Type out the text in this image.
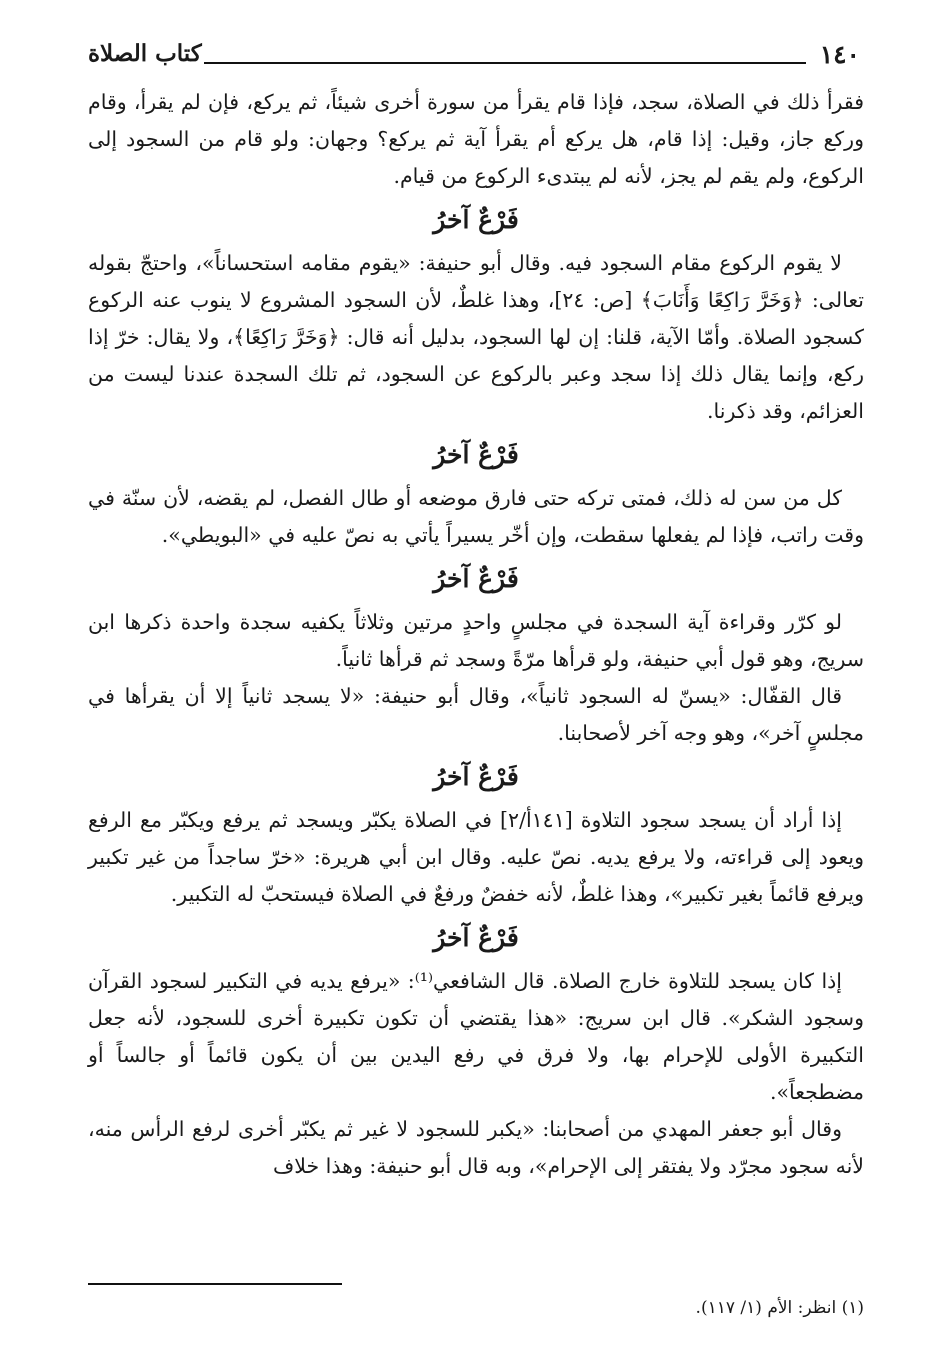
١٤٠
كتاب الصلاة

فقرأ ذلك في الصلاة، سجد، فإذا قام يقرأ من سورة أخرى شيئاً، ثم يركع، فإن لم يقرأ، وقام وركع جاز، وقيل: إذا قام، هل يركع أم يقرأ آية ثم يركع؟ وجهان: ولو قام من السجود إلى الركوع، ولم يقم لم يجز، لأنه لم يبتدىء الركوع من قيام.

فَرْعٌ آخرُ

لا يقوم الركوع مقام السجود فيه. وقال أبو حنيفة: «يقوم مقامه استحساناً»، واحتجّ بقوله تعالى: ﴿وَخَرَّ رَاكِعًا وَأَنَابَ﴾ [ص: ٢٤]، وهذا غلطٌ، لأن السجود المشروع لا ينوب عنه الركوع كسجود الصلاة. وأمّا الآية، قلنا: إن لها السجود، بدليل أنه قال: ﴿وَخَرَّ رَاكِعًا﴾، ولا يقال: خرّ إذا ركع، وإنما يقال ذلك إذا سجد وعبر بالركوع عن السجود، ثم تلك السجدة عندنا ليست من العزائم، وقد ذكرنا.

فَرْعٌ آخرُ

كل من سن له ذلك، فمتى تركه حتى فارق موضعه أو طال الفصل، لم يقضه، لأن سنّة في وقت راتب، فإذا لم يفعلها سقطت، وإن أخّر يسيراً يأتي به نصّ عليه في «البويطي».

فَرْعٌ آخرُ

لو كرّر وقراءة آية السجدة في مجلسٍ واحدٍ مرتين وثلاثاً يكفيه سجدة واحدة ذكرها ابن سريج، وهو قول أبي حنيفة، ولو قرأها مرّةً وسجد ثم قرأها ثانياً.

قال القفّال: «يسنّ له السجود ثانياً»، وقال أبو حنيفة: «لا يسجد ثانياً إلا أن يقرأها في مجلسٍ آخر»، وهو وجه آخر لأصحابنا.

فَرْعٌ آخرُ

إذا أراد أن يسجد سجود التلاوة [١٤١أ/٢] في الصلاة يكبّر ويسجد ثم يرفع ويكبّر مع الرفع ويعود إلى قراءته، ولا يرفع يديه. نصّ عليه. وقال ابن أبي هريرة: «خرّ ساجداً من غير تكبير ويرفع قائماً بغير تكبير»، وهذا غلطٌ، لأنه خفضٌ ورفعٌ في الصلاة فيستحبّ له التكبير.

فَرْعٌ آخرُ

إذا كان يسجد للتلاوة خارج الصلاة. قال الشافعي⁽¹⁾: «يرفع يديه في التكبير لسجود القرآن وسجود الشكر». قال ابن سريج: «هذا يقتضي أن تكون تكبيرة أخرى للسجود، لأنه جعل التكبيرة الأولى للإحرام بها، ولا فرق في رفع اليدين بين أن يكون قائماً أو جالساً أو مضطجعاً».

وقال أبو جعفر المهدي من أصحابنا: «يكبر للسجود لا غير ثم يكبّر أخرى لرفع الرأس منه، لأنه سجود مجرّد ولا يفتقر إلى الإحرام»، وبه قال أبو حنيفة: وهذا خلاف

(١) انظر: الأم (١/ ١١٧).
